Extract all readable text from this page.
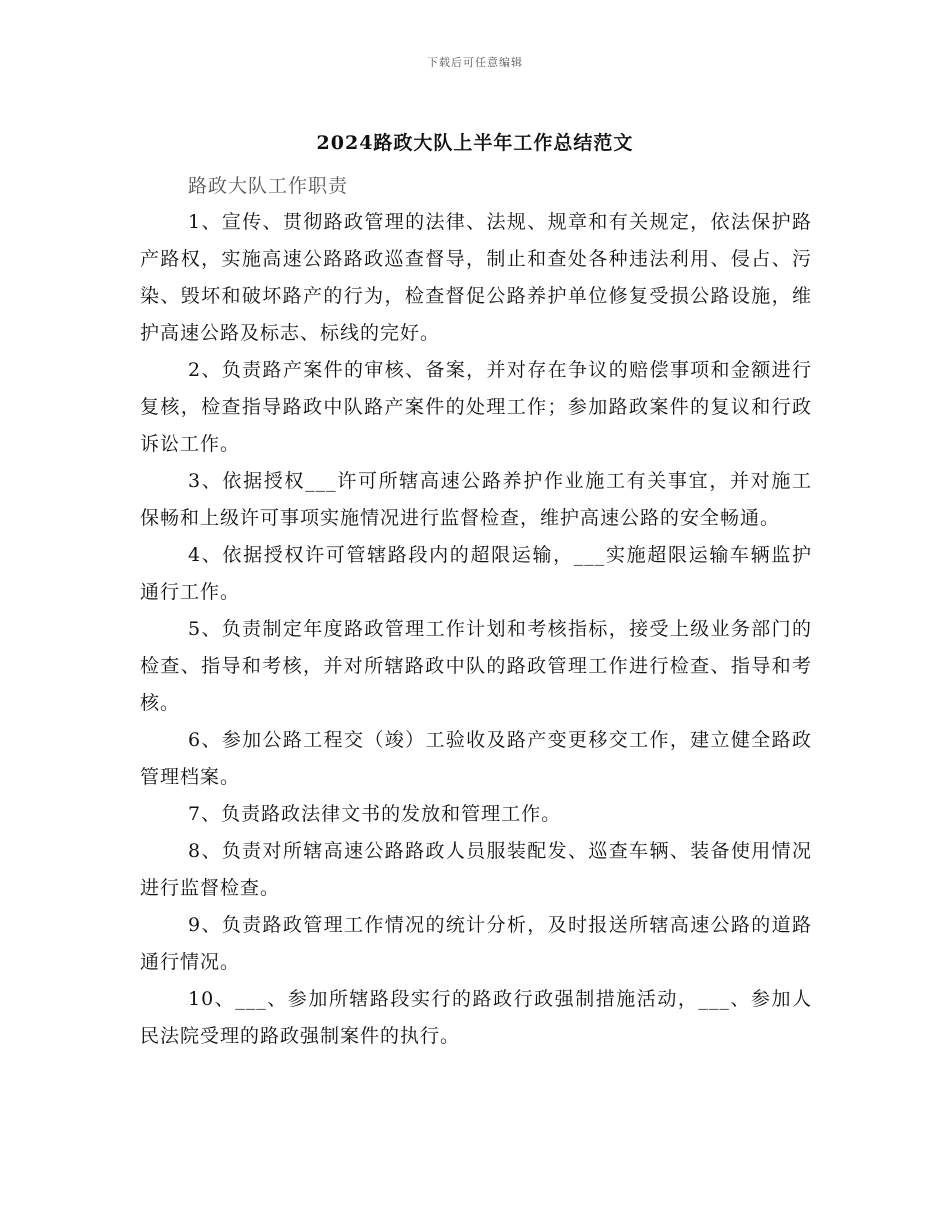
下载后可任意编辑
2024路政大队上半年工作总结范文

路政大队工作职责

1、宣传、贯彻路政管理的法律、法规、规章和有关规定，依法保护路产路权，实施高速公路路政巡查督导，制止和查处各种违法利用、侵占、污染、毁坏和破坏路产的行为，检查督促公路养护单位修复受损公路设施，维护高速公路及标志、标线的完好。

2、负责路产案件的审核、备案，并对存在争议的赔偿事项和金额进行复核，检查指导路政中队路产案件的处理工作；参加路政案件的复议和行政诉讼工作。

3、依据授权___许可所辖高速公路养护作业施工有关事宜，并对施工保畅和上级许可事项实施情况进行监督检查，维护高速公路的安全畅通。

4、依据授权许可管辖路段内的超限运输，___实施超限运输车辆监护通行工作。

5、负责制定年度路政管理工作计划和考核指标，接受上级业务部门的检查、指导和考核，并对所辖路政中队的路政管理工作进行检查、指导和考核。

6、参加公路工程交（竣）工验收及路产变更移交工作，建立健全路政管理档案。

7、负责路政法律文书的发放和管理工作。

8、负责对所辖高速公路路政人员服装配发、巡查车辆、装备使用情况进行监督检查。

9、负责路政管理工作情况的统计分析，及时报送所辖高速公路的道路通行情况。

10、___、参加所辖路段实行的路政行政强制措施活动，___、参加人民法院受理的路政强制案件的执行。
